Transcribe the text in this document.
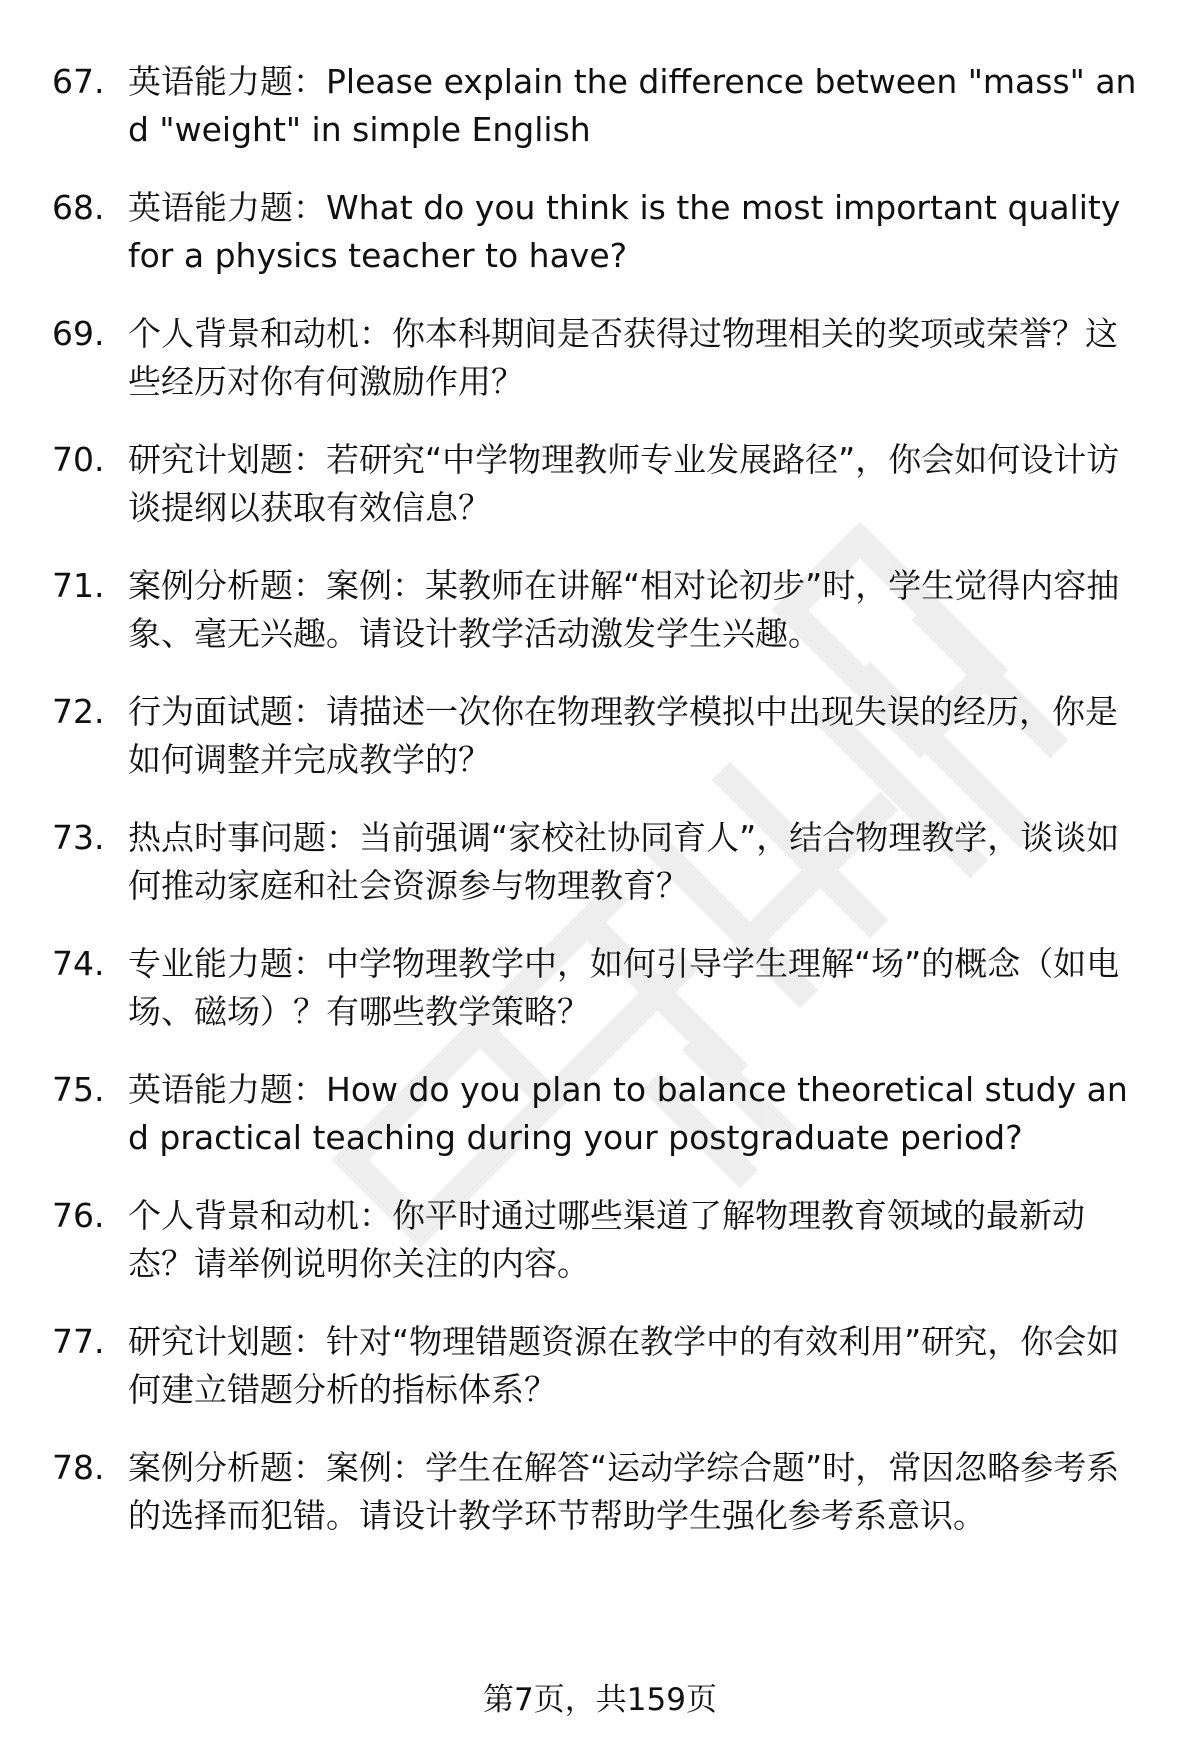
67. 英语能力题：Please explain the difference between "mass" and "weight" in simple English
68. 英语能力题：What do you think is the most important quality for a physics teacher to have?
69. 个人背景和动机：你本科期间是否获得过物理相关的奖项或荣誉？这些经历对你有何激励作用？
70. 研究计划题：若研究“中学物理教师专业发展路径”，你会如何设计访谈提纲以获取有效信息？
71. 案例分析题：案例：某教师在讲解“相对论初步”时，学生觉得内容抽象、毫无兴趣。请设计教学活动激发学生兴趣。
72. 行为面试题：请描述一次你在物理教学模拟中出现失误的经历，你是如何调整并完成教学的？
73. 热点时事问题：当前强调“家校社协同育人”，结合物理教学，谈谈如何推动家庭和社会资源参与物理教育？
74. 专业能力题：中学物理教学中，如何引导学生理解“场”的概念（如电场、磁场）？有哪些教学策略？
75. 英语能力题：How do you plan to balance theoretical study and practical teaching during your postgraduate period?
76. 个人背景和动机：你平时通过哪些渠道了解物理教育领域的最新动态？请举例说明你关注的内容。
77. 研究计划题：针对“物理错题资源在教学中的有效利用”研究，你会如何建立错题分析的指标体系？
78. 案例分析题：案例：学生在解答“运动学综合题”时，常因忽略参考系的选择而犯错。请设计教学环节帮助学生强化参考系意识。
第7页，共159页
